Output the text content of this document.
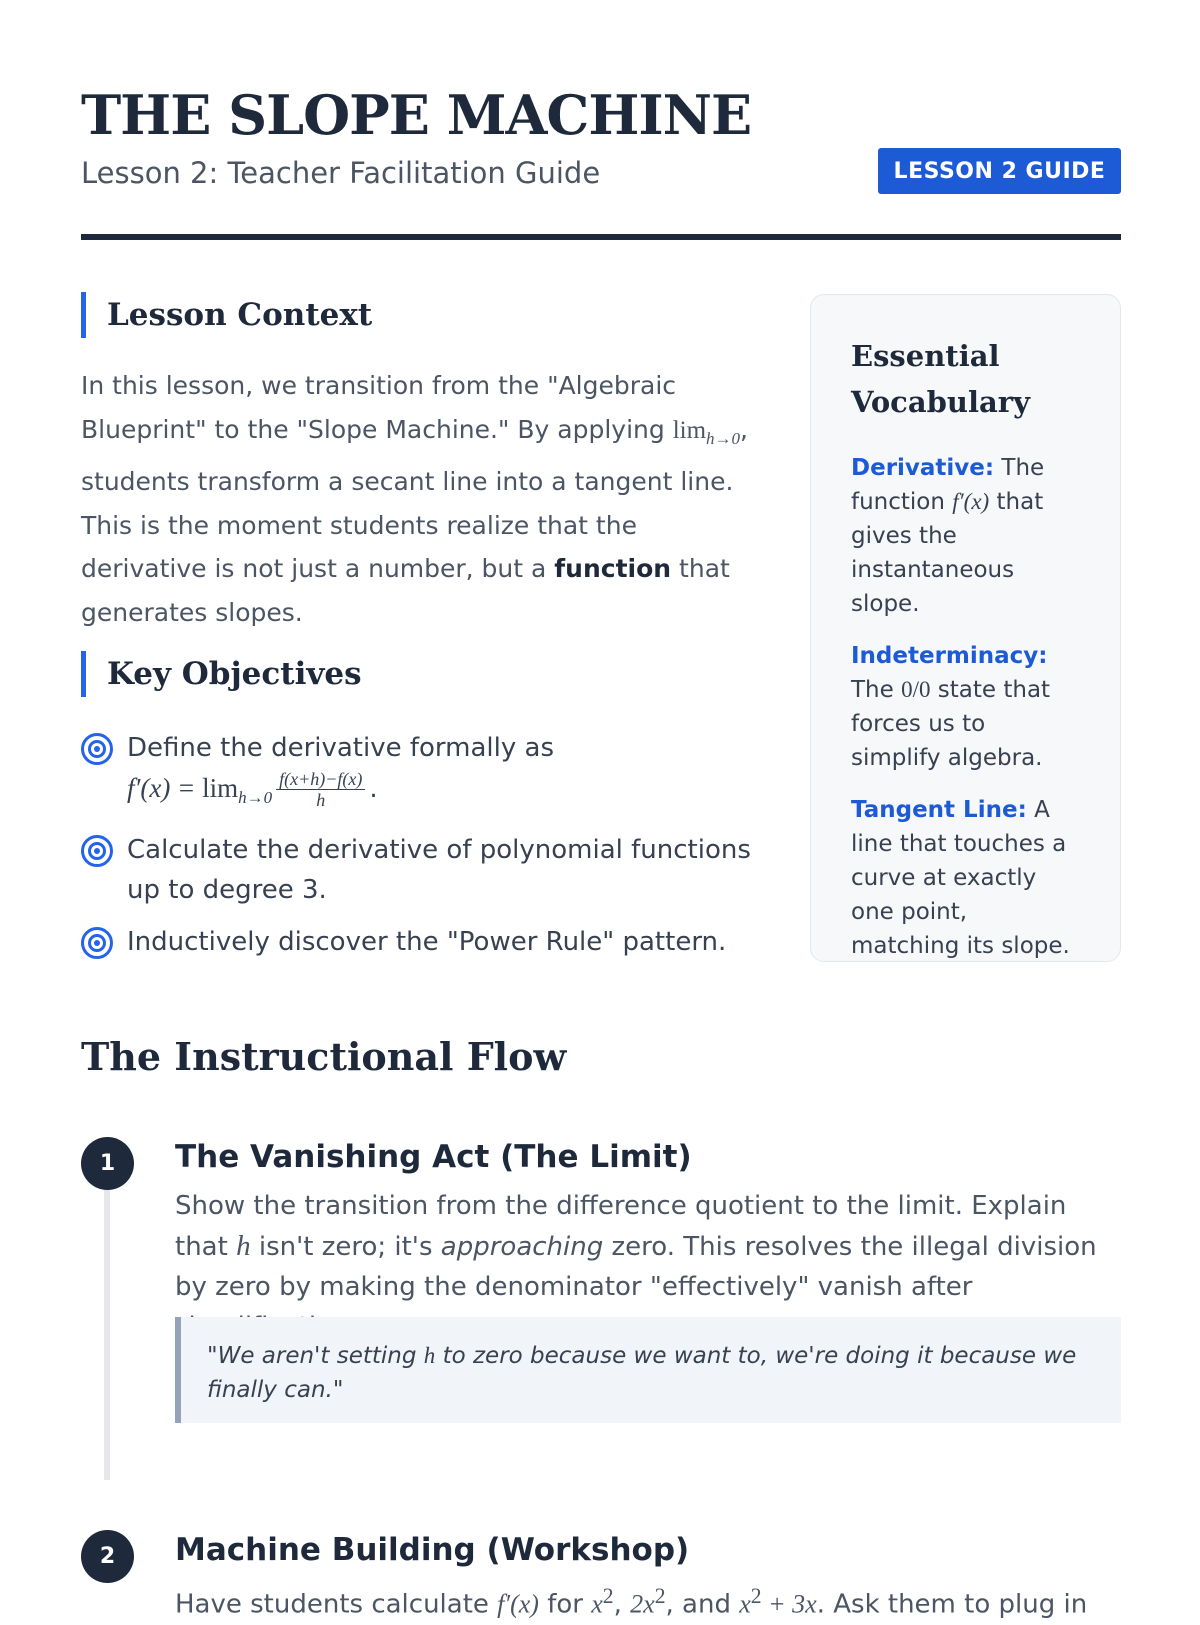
THE SLOPE MACHINE
Lesson 2: Teacher Facilitation Guide	LESSON 2 GUIDE
Lesson Context

In this lesson, we transition from the "Algebraic Blueprint" to the "Slope Machine." By applying $\lim_{h\to 0}$, students transform a secant line into a tangent line. This is the moment students realize that the derivative is not just a number, but a function that generates slopes.

Key Objectives
Define the derivative formally as
$f'(x) = \lim_{h\to 0} \frac{f(x+h)-f(x)}{h}$ .
Calculate the derivative of polynomial functions up to degree 3.
Inductively discover the "Power Rule" pattern.
Essential Vocabulary
Derivative: The function f′(x) that gives the instantaneous slope.
Indeterminacy: The 0/0 state that forces us to simplify algebra.
Tangent Line: A line that touches a curve at exactly one point, matching its slope.
The Instructional Flow
1	The Vanishing Act (The Limit)

Show the transition from the difference quotient to the limit. Explain that h isn't zero; it's approaching zero. This resolves the illegal division by zero by making the denominator "effectively" vanish after

"We aren't setting h to zero because we want to, we're doing it because we finally can."
2	Machine Building (Workshop)

Have students calculate f′(x) for $x^2$, $2x^2$, and $x^2 + 3x$. Ask them to plug in
